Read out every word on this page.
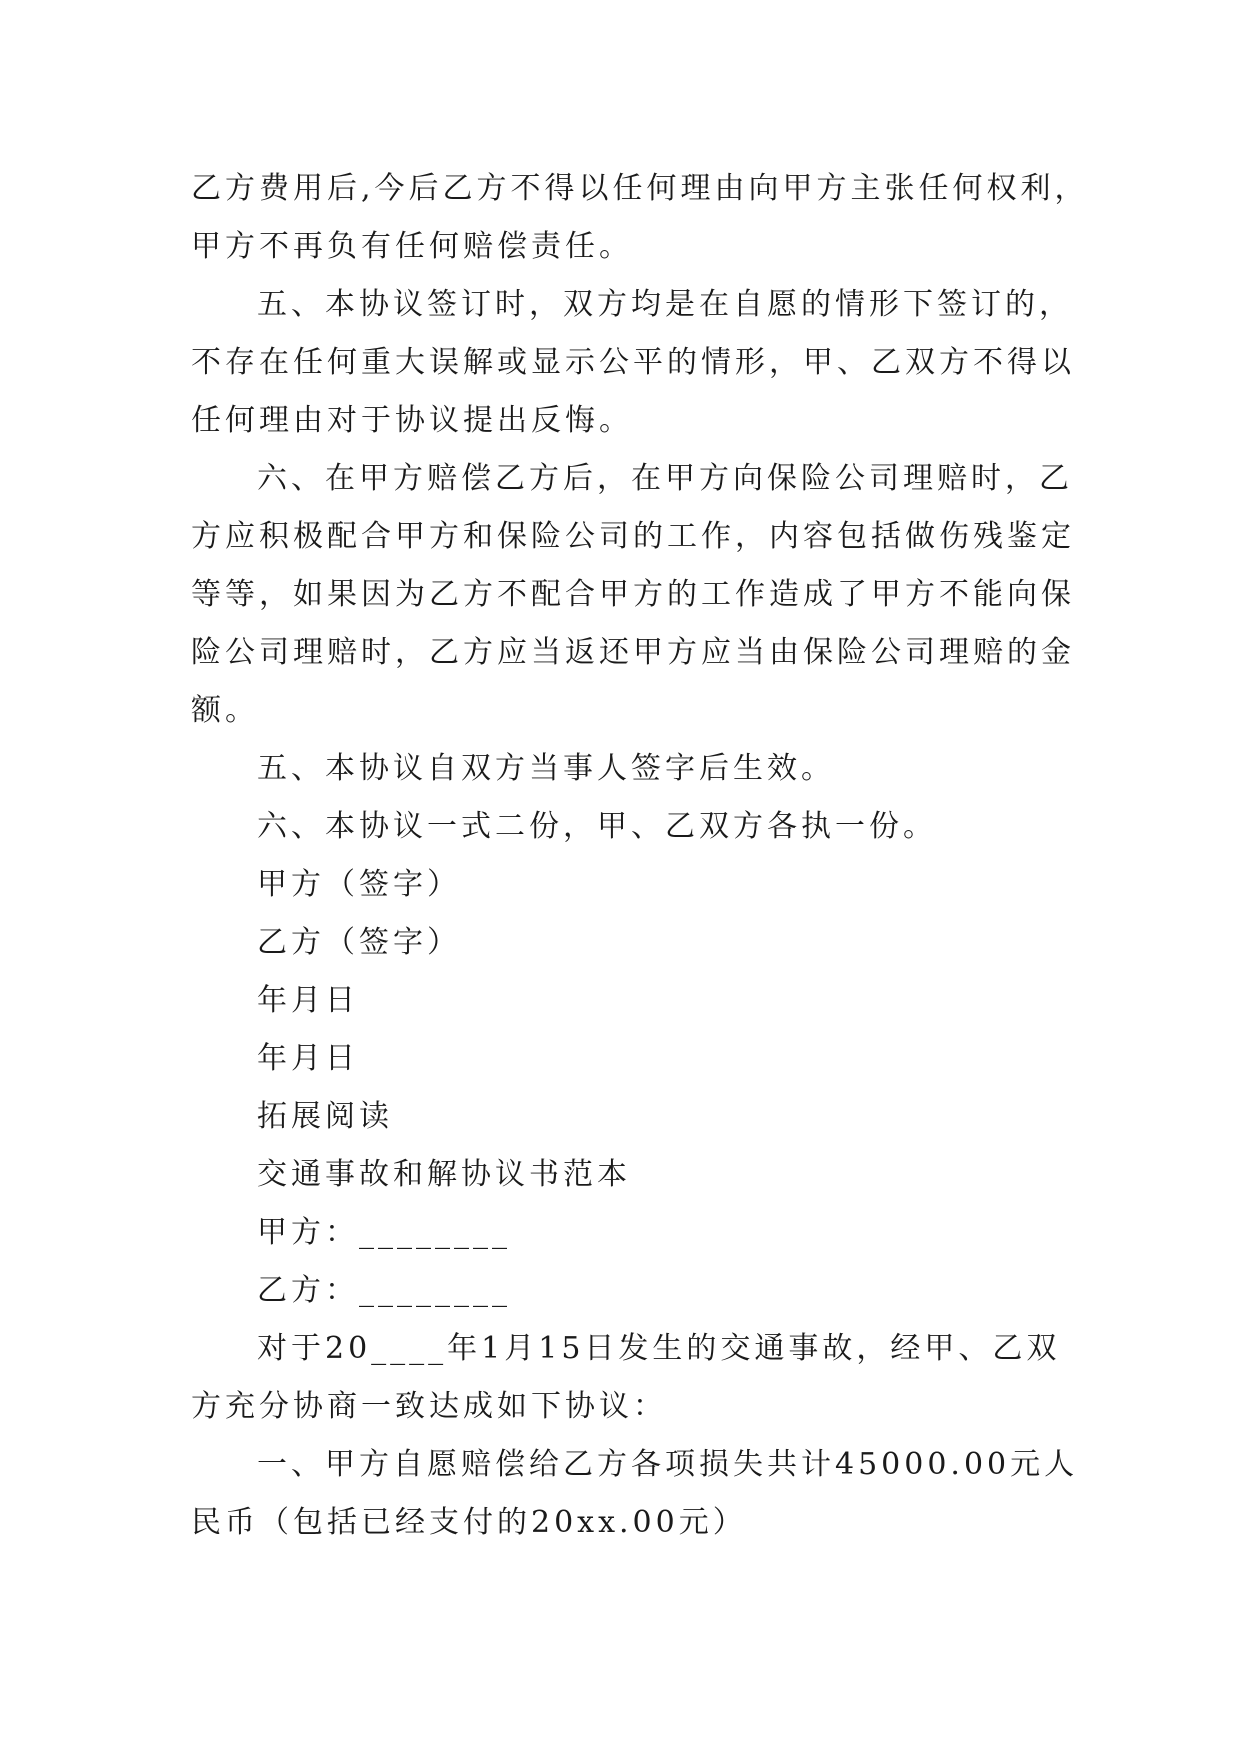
乙方费用后,今后乙方不得以任何理由向甲方主张任何权利，
甲方不再负有任何赔偿责任。
五、本协议签订时，双方均是在自愿的情形下签订的，
不存在任何重大误解或显示公平的情形，甲、乙双方不得以
任何理由对于协议提出反悔。
六、在甲方赔偿乙方后，在甲方向保险公司理赔时，乙
方应积极配合甲方和保险公司的工作，内容包括做伤残鉴定
等等，如果因为乙方不配合甲方的工作造成了甲方不能向保
险公司理赔时，乙方应当返还甲方应当由保险公司理赔的金
额。
五、本协议自双方当事人签字后生效。
六、本协议一式二份，甲、乙双方各执一份。
甲方（签字）
乙方（签字）
年月日
年月日
拓展阅读
交通事故和解协议书范本
甲方：________
乙方：________
对于20____年1月15日发生的交通事故，经甲、乙双
方充分协商一致达成如下协议：
一、甲方自愿赔偿给乙方各项损失共计45000.00元人
民币（包括已经支付的20xx.00元）
